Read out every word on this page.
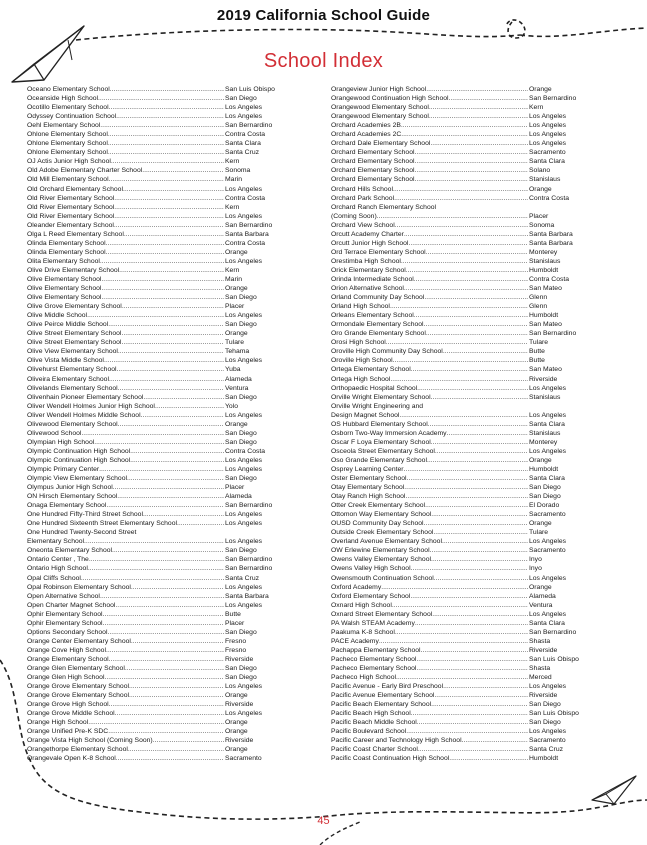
2019 California School Guide
School Index
Oceano Elementary School .....	San Luis Obispo
Oceanside High School .....	San Diego
Ocotillo Elementary School .....	Los Angeles
Odyssey Continuation School .....	Los Angeles
Oehl Elementary School .....	San Bernardino
Ohlone Elementary School .....	Contra Costa
Ohlone Elementary School .....	Santa Clara
Ohlone Elementary School .....	Santa Cruz
OJ Actis Junior High School .....	Kern
Old Adobe Elementary Charter School .....	Sonoma
Old Mill Elementary School .....	Marin
Old Orchard Elementary School .....	Los Angeles
Old River Elementary School .....	Contra Costa
Old River Elementary School .....	Kern
Old River Elementary School .....	Los Angeles
Oleander Elementary School .....	San Bernardino
Olga L Reed Elementary School .....	Santa Barbara
Olinda Elementary School .....	Contra Costa
Olinda Elementary School .....	Orange
Olita Elementary School .....	Los Angeles
Olive Drive Elementary School .....	Kern
Olive Elementary School .....	Marin
Olive Elementary School .....	Orange
Olive Elementary School .....	San Diego
Olive Grove Elementary School .....	Placer
Olive Middle School .....	Los Angeles
Olive Peirce Middle School .....	San Diego
Olive Street Elementary School .....	Orange
Olive Street Elementary School .....	Tulare
Olive View Elementary School .....	Tehama
Olive Vista Middle School .....	Los Angeles
Olivehurst Elementary School .....	Yuba
Oliveira Elementary School .....	Alameda
Olivelands Elementary School .....	Ventura
Olivenhain Pioneer Elementary School .....	San Diego
Oliver Wendell Holmes Junior High School .....	Yolo
Oliver Wendell Holmes Middle School .....	Los Angeles
Olivewood Elementary School .....	Orange
Olivewood School .....	San Diego
Olympian High School .....	San Diego
Olympic Continuation High School .....	Contra Costa
Olympic Continuation High School .....	Los Angeles
Olympic Primary Center .....	Los Angeles
Olympic View Elementary School .....	San Diego
Olympus Junior High School .....	Placer
ON Hirsch Elementary School .....	Alameda
Onaga Elementary School .....	San Bernardino
One Hundred Fifty-Third Street School .....	Los Angeles
One Hundred Sixteenth Street Elementary School .....	Los Angeles
One Hundred Twenty-Second Street
Elementary School .....	Los Angeles
Oneonta Elementary School .....	San Diego
Ontario Center , The .....	San Bernardino
Ontario High School .....	San Bernardino
Opal Cliffs School .....	Santa Cruz
Opal Robinson Elementary School .....	Los Angeles
Open Alternative School .....	Santa Barbara
Open Charter Magnet School .....	Los Angeles
Ophir Elementary School .....	Butte
Ophir Elementary School .....	Placer
Options Secondary School .....	San Diego
Orange Center Elementary School .....	Fresno
Orange Cove High School .....	Fresno
Orange Elementary School .....	Riverside
Orange Glen Elementary School .....	San Diego
Orange Glen High School .....	San Diego
Orange Grove Elementary School .....	Los Angeles
Orange Grove Elementary School .....	Orange
Orange Grove High School .....	Riverside
Orange Grove Middle School .....	Los Angeles
Orange High School .....	Orange
Orange Unified Pre-K SDC .....	Orange
Orange Vista High School (Coming Soon) .....	Riverside
Orangethorpe Elementary School .....	Orange
Orangevale Open K-8 School .....	Sacramento
Orangeview Junior High School .....	Orange
Orangewood Continuation High School .....	San Bernardino
Orangewood Elementary School .....	Kern
Orangewood Elementary School .....	Los Angeles
Orchard Academies 2B .....	Los Angeles
Orchard Academies 2C .....	Los Angeles
Orchard Dale Elementary School .....	Los Angeles
Orchard Elementary School .....	Sacramento
Orchard Elementary School .....	Santa Clara
Orchard Elementary School .....	Solano
Orchard Elementary School .....	Stanislaus
Orchard Hills School .....	Orange
Orchard Park School .....	Contra Costa
Orchard Ranch Elementary School
(Coming Soon) .....	Placer
Orchard View School .....	Sonoma
Orcutt Academy Charter .....	Santa Barbara
Orcutt Junior High School .....	Santa Barbara
Ord Terrace Elementary School .....	Monterey
Orestimba High School .....	Stanislaus
Orick Elementary School .....	Humboldt
Orinda Intermediate School .....	Contra Costa
Orion Alternative School .....	San Mateo
Orland Community Day School .....	Glenn
Orland High School .....	Glenn
Orleans Elementary School .....	Humboldt
Ormondale Elementary School .....	San Mateo
Oro Grande Elementary School .....	San Bernardino
Orosi High School .....	Tulare
Oroville High Community Day School .....	Butte
Oroville High School .....	Butte
Ortega Elementary School .....	San Mateo
Ortega High School .....	Riverside
Orthopaedic Hospital School .....	Los Angeles
Orville Wright Elementary School .....	Stanislaus
Orville Wright Engineering and
Design Magnet School .....	Los Angeles
OS Hubbard Elementary School .....	Santa Clara
Osborn Two-Way Immersion Academy .....	Stanislaus
Oscar F Loya Elementary School .....	Monterey
Osceola Street Elementary School .....	Los Angeles
Oso Grande Elementary School .....	Orange
Osprey Learning Center .....	Humboldt
Oster Elementary School .....	Santa Clara
Otay Elementary School .....	San Diego
Otay Ranch High School .....	San Diego
Otter Creek Elementary School .....	El Dorado
Ottomon Way Elementary School .....	Sacramento
OUSD Community Day School .....	Orange
Outside Creek Elementary School .....	Tulare
Overland Avenue Elementary School .....	Los Angeles
OW Erlewine Elementary School .....	Sacramento
Owens Valley Elementary School .....	Inyo
Owens Valley High School .....	Inyo
Owensmouth Continuation School .....	Los Angeles
Oxford Academy .....	Orange
Oxford Elementary School .....	Alameda
Oxnard High School .....	Ventura
Oxnard Street Elementary School .....	Los Angeles
PA Walsh STEAM Academy .....	Santa Clara
Paakuma K-8 School .....	San Bernardino
PACE Academy .....	Shasta
Pachappa Elementary School .....	Riverside
Pacheco Elementary School .....	San Luis Obispo
Pacheco Elementary School .....	Shasta
Pacheco High School .....	Merced
Pacific Avenue - Early Bird Preschool .....	Los Angeles
Pacific Avenue Elementary School .....	Riverside
Pacific Beach Elementary School .....	San Diego
Pacific Beach High School .....	San Luis Obispo
Pacific Beach Middle School .....	San Diego
Pacific Boulevard School .....	Los Angeles
Pacific Career and Technology High School .....	Sacramento
Pacific Coast Charter School .....	Santa Cruz
Pacific Coast Continuation High School .....	Humboldt
45
